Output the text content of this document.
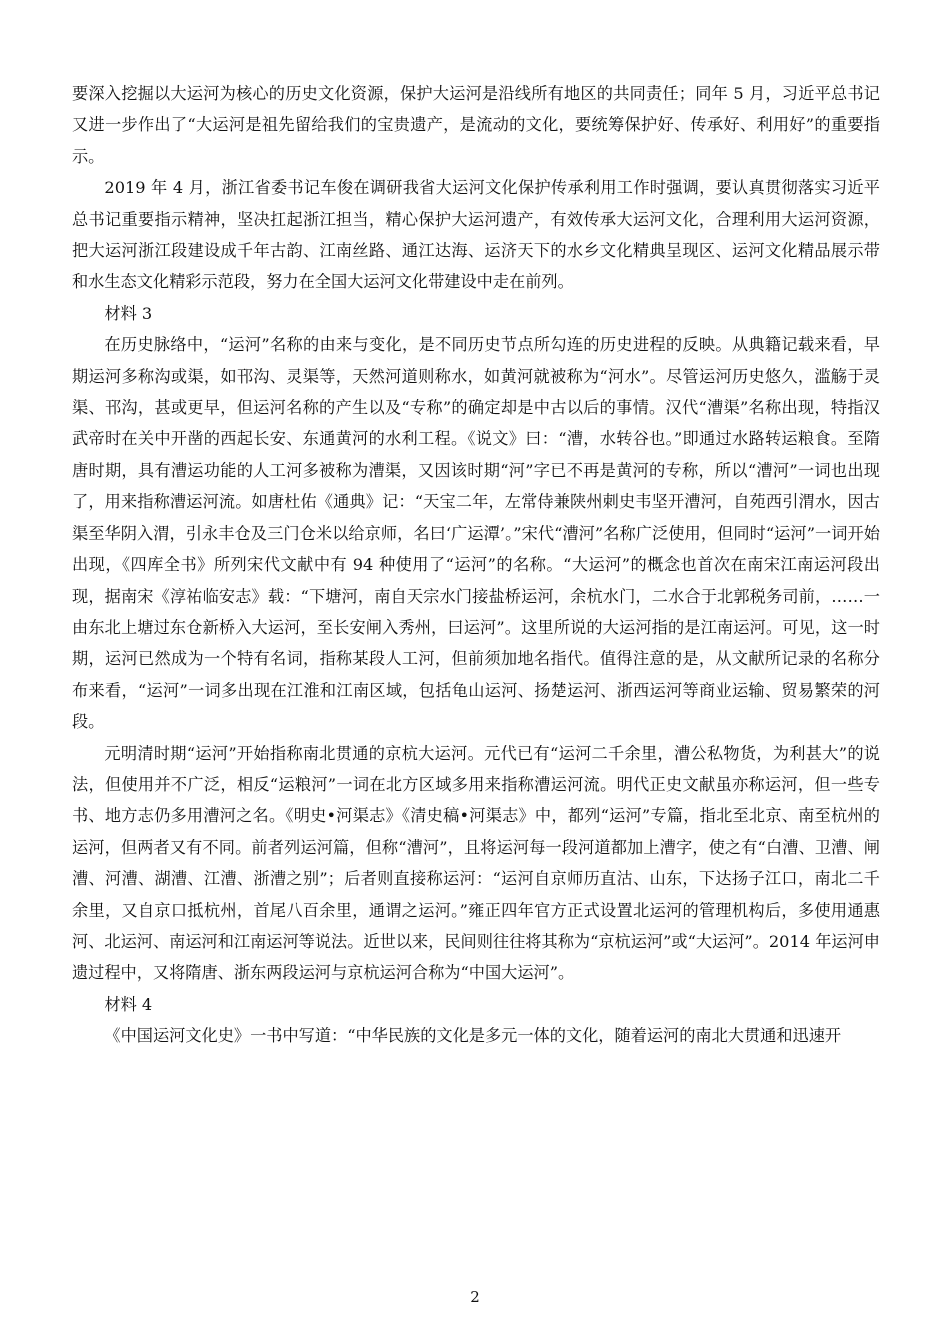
要深入挖掘以大运河为核心的历史文化资源，保护大运河是沿线所有地区的共同责任；同年 5 月，习近平总书记又进一步作出了“大运河是祖先留给我们的宝贵遗产，是流动的文化，要统筹保护好、传承好、利用好”的重要指示。

2019 年 4 月，浙江省委书记车俊在调研我省大运河文化保护传承利用工作时强调，要认真贯彻落实习近平总书记重要指示精神，坚决扛起浙江担当，精心保护大运河遗产，有效传承大运河文化，合理利用大运河资源，把大运河浙江段建设成千年古韵、江南丝路、通江达海、运济天下的水乡文化精典呈现区、运河文化精品展示带和水生态文化精彩示范段，努力在全国大运河文化带建设中走在前列。

材料 3

在历史脉络中，“运河”名称的由来与变化，是不同历史节点所勾连的历史进程的反映。从典籍记载来看，早期运河多称沟或渠，如邗沟、灵渠等，天然河道则称水，如黄河就被称为“河水”。尽管运河历史悠久，滥觞于灵渠、邗沟，甚或更早，但运河名称的产生以及“专称”的确定却是中古以后的事情。汉代“漕渠”名称出现，特指汉武帝时在关中开凿的西起长安、东通黄河的水利工程。《说文》曰：“漕，水转谷也。”即通过水路转运粮食。至隋唐时期，具有漕运功能的人工河多被称为漕渠，又因该时期“河”字已不再是黄河的专称，所以“漕河”一词也出现了，用来指称漕运河流。如唐杜佑《通典》记：“天宝二年，左常侍兼陕州刺史韦坚开漕河，自苑西引渭水，因古渠至华阴入渭，引永丰仓及三门仓米以给京师，名曰‘广运潭’。”宋代“漕河”名称广泛使用，但同时“运河”一词开始出现，《四库全书》所列宋代文献中有 94 种使用了“运河”的名称。“大运河”的概念也首次在南宋江南运河段出现，据南宋《淳祐临安志》载：“下塘河，南自天宗水门接盐桥运河，余杭水门，二水合于北郭税务司前，……一由东北上塘过东仓新桥入大运河，至长安闸入秀州，曰运河”。这里所说的大运河指的是江南运河。可见，这一时期，运河已然成为一个特有名词，指称某段人工河，但前须加地名指代。值得注意的是，从文献所记录的名称分布来看，“运河”一词多出现在江淮和江南区域，包括龟山运河、扬楚运河、浙西运河等商业运输、贸易繁荣的河段。

元明清时期“运河”开始指称南北贯通的京杭大运河。元代已有“运河二千余里，漕公私物货，为利甚大”的说法，但使用并不广泛，相反“运粮河”一词在北方区域多用来指称漕运河流。明代正史文献虽亦称运河，但一些专书、地方志仍多用漕河之名。《明史•河渠志》《清史稿•河渠志》中，都列“运河”专篇，指北至北京、南至杭州的运河，但两者又有不同。前者列运河篇，但称“漕河”，且将运河每一段河道都加上漕字，使之有“白漕、卫漕、闸漕、河漕、湖漕、江漕、浙漕之别”；后者则直接称运河：“运河自京师历直沽、山东，下达扬子江口，南北二千余里，又自京口抵杭州，首尾八百余里，通谓之运河。”雍正四年官方正式设置北运河的管理机构后，多使用通惠河、北运河、南运河和江南运河等说法。近世以来，民间则往往将其称为“京杭运河”或“大运河”。2014 年运河申遗过程中，又将隋唐、浙东两段运河与京杭运河合称为“中国大运河”。

材料 4

《中国运河文化史》一书中写道：“中华民族的文化是多元一体的文化，随着运河的南北大贯通和迅速开

2
